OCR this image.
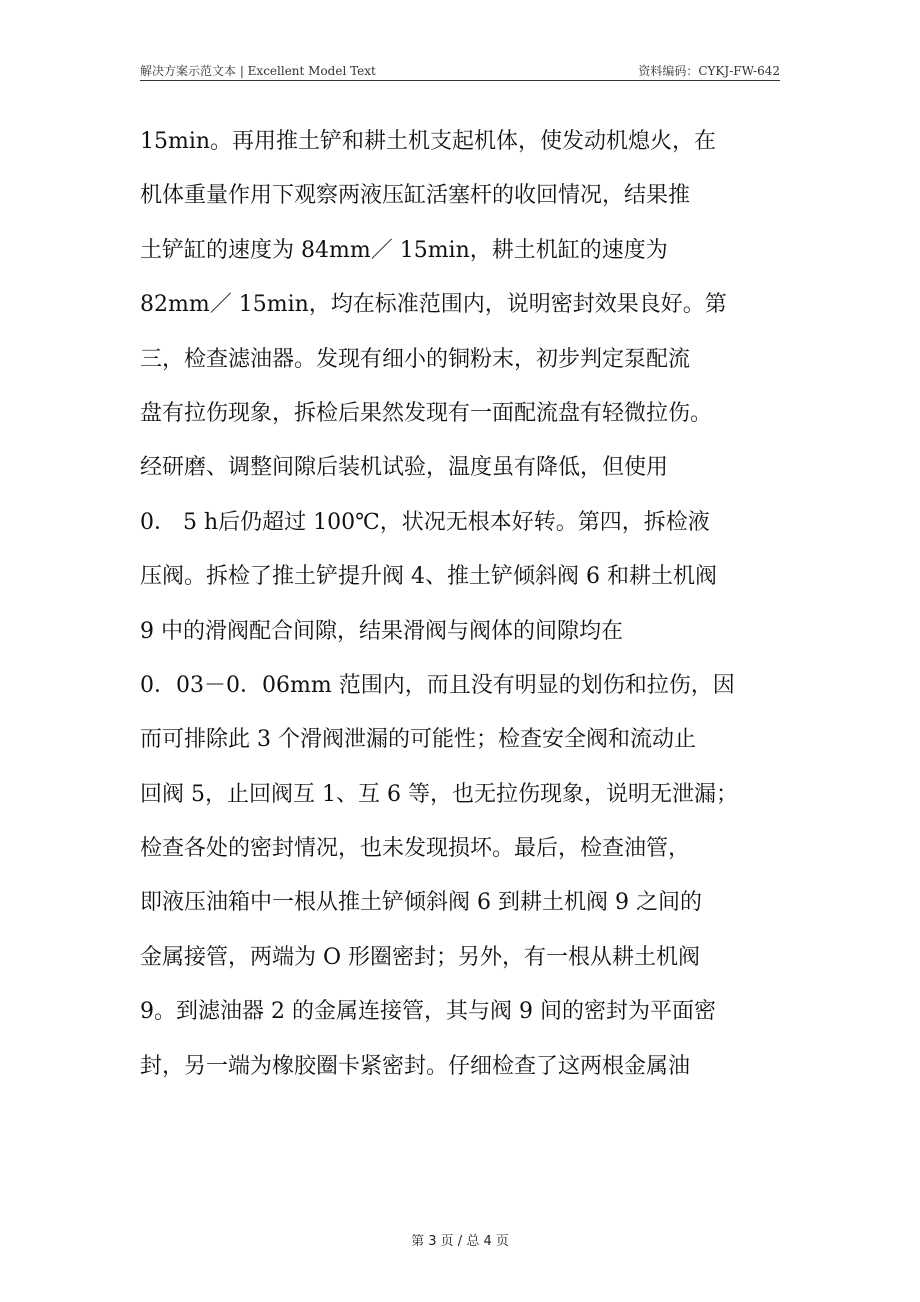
解决方案示范文本 | Excellent Model Text	资料编码：CYKJ-FW-642
15min。再用推土铲和耕土机支起机体，使发动机熄火，在
机体重量作用下观察两液压缸活塞杆的收回情况，结果推
土铲缸的速度为 84mm／ 15min，耕土机缸的速度为
82mm／ 15min，均在标准范围内，说明密封效果良好。第
三，检查滤油器。发现有细小的铜粉末，初步判定泵配流
盘有拉伤现象，拆检后果然发现有一面配流盘有轻微拉伤。
经研磨、调整间隙后装机试验，温度虽有降低，但使用
0． 5 h后仍超过 100℃，状况无根本好转。第四，拆检液
压阀。拆检了推土铲提升阀 4、推土铲倾斜阀 6 和耕土机阀
9 中的滑阀配合间隙，结果滑阀与阀体的间隙均在
0．03－0．06mm 范围内，而且没有明显的划伤和拉伤，因
而可排除此 3 个滑阀泄漏的可能性；检查安全阀和流动止
回阀 5，止回阀互 1、互 6 等，也无拉伤现象，说明无泄漏；
检查各处的密封情况，也未发现损坏。最后，检查油管，
即液压油箱中一根从推土铲倾斜阀 6 到耕土机阀 9 之间的
金属接管，两端为 O 形圈密封；另外，有一根从耕土机阀
9。到滤油器 2 的金属连接管，其与阀 9 间的密封为平面密
封，另一端为橡胶圈卡紧密封。仔细检查了这两根金属油
第 3 页 / 总 4 页
